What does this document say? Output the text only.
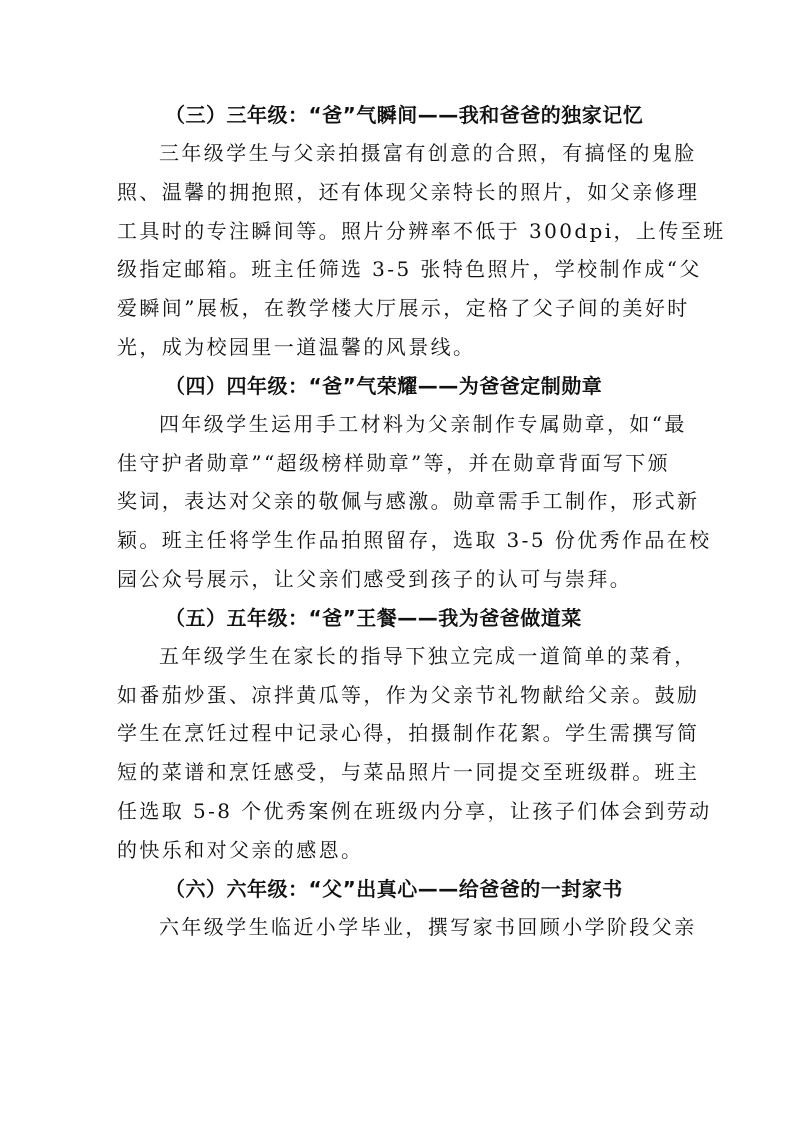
（三）三年级：“爸”气瞬间——我和爸爸的独家记忆
三年级学生与父亲拍摄富有创意的合照，有搞怪的鬼脸
照、温馨的拥抱照，还有体现父亲特长的照片，如父亲修理
工具时的专注瞬间等。照片分辨率不低于 300dpi，上传至班
级指定邮箱。班主任筛选 3-5 张特色照片，学校制作成“父
爱瞬间”展板，在教学楼大厅展示，定格了父子间的美好时
光，成为校园里一道温馨的风景线。
（四）四年级：“爸”气荣耀——为爸爸定制勋章
四年级学生运用手工材料为父亲制作专属勋章，如“最
佳守护者勋章”“超级榜样勋章”等，并在勋章背面写下颁
奖词，表达对父亲的敬佩与感激。勋章需手工制作，形式新
颖。班主任将学生作品拍照留存，选取 3-5 份优秀作品在校
园公众号展示，让父亲们感受到孩子的认可与崇拜。
（五）五年级：“爸”王餐——我为爸爸做道菜
五年级学生在家长的指导下独立完成一道简单的菜肴，
如番茄炒蛋、凉拌黄瓜等，作为父亲节礼物献给父亲。鼓励
学生在烹饪过程中记录心得，拍摄制作花絮。学生需撰写简
短的菜谱和烹饪感受，与菜品照片一同提交至班级群。班主
任选取 5-8 个优秀案例在班级内分享，让孩子们体会到劳动
的快乐和对父亲的感恩。
（六）六年级：“父”出真心——给爸爸的一封家书
六年级学生临近小学毕业，撰写家书回顾小学阶段父亲
